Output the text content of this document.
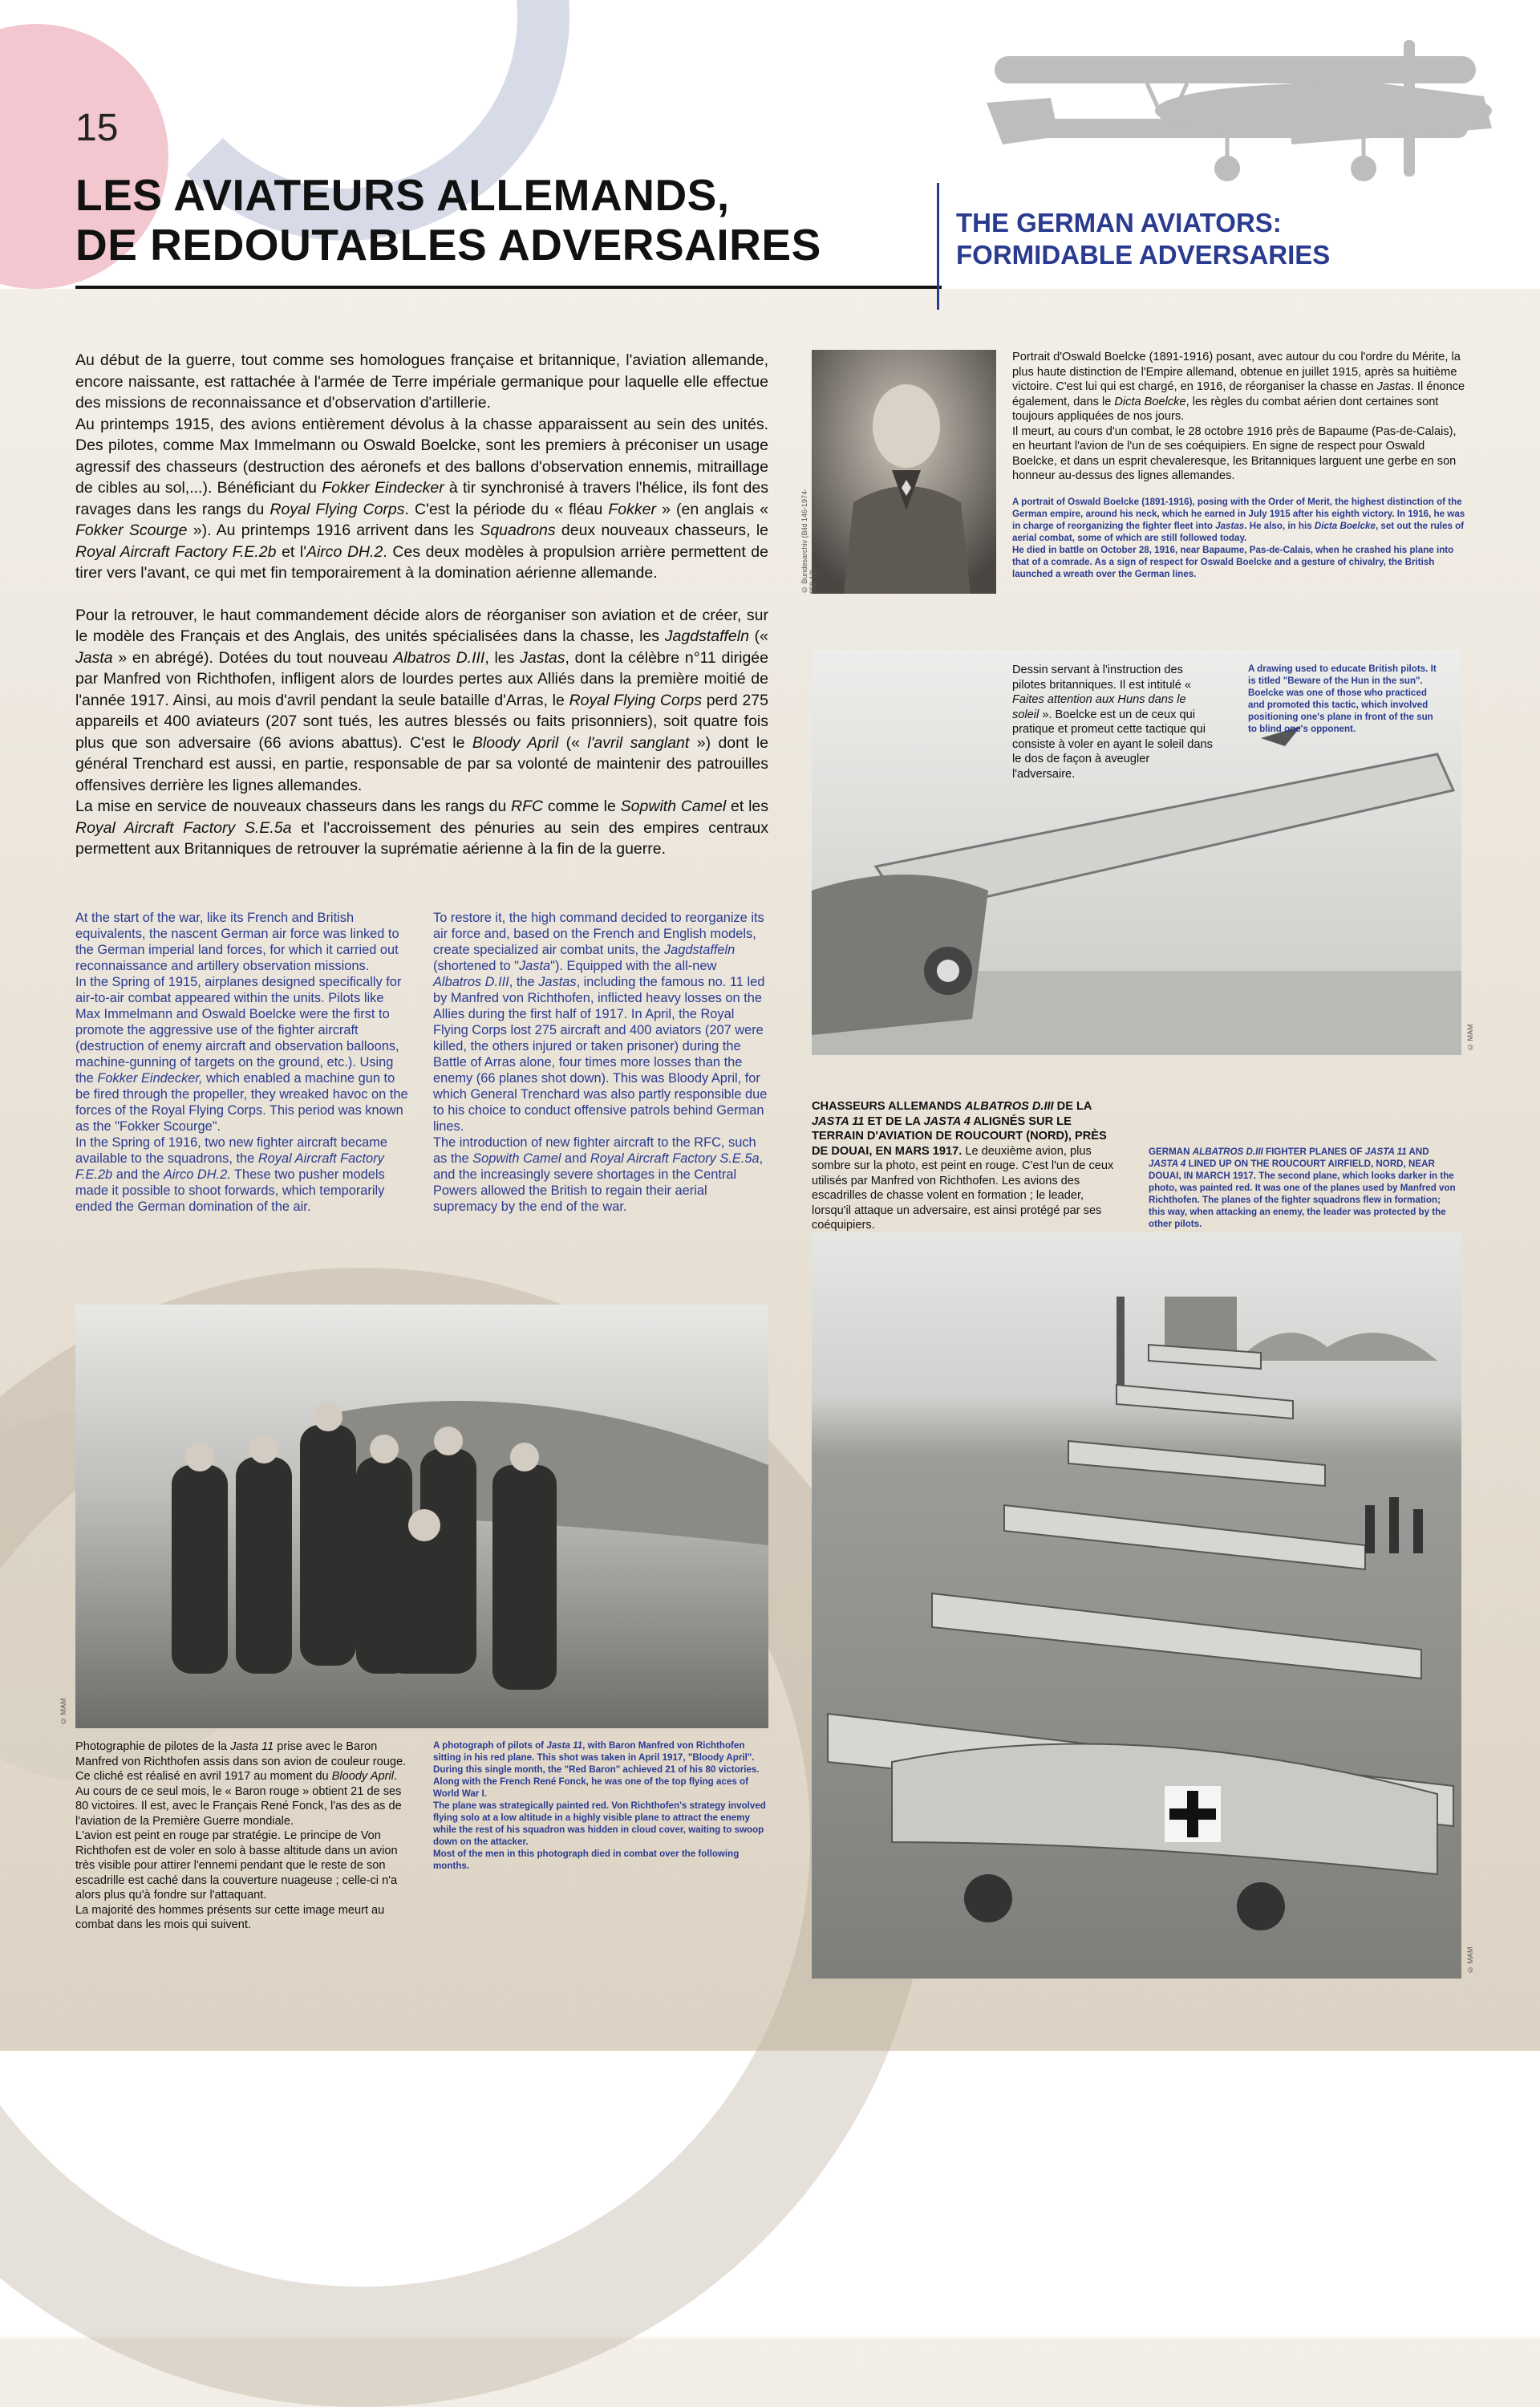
15
LES AVIATEURS ALLEMANDS,
DE REDOUTABLES ADVERSAIRES	THE GERMAN AVIATORS:
FORMIDABLE ADVERSARIES

Au début de la guerre, tout comme ses homologues française et britannique, l'aviation allemande, encore naissante, est rattachée à l'armée de Terre impériale germanique pour laquelle elle effectue des missions de reconnaissance et d'observation d'artillerie.

Au printemps 1915, des avions entièrement dévolus à la chasse apparaissent au sein des unités. Des pilotes, comme Max Immelmann ou Oswald Boelcke, sont les premiers à préconiser un usage agressif des chasseurs (destruction des aéronefs et des ballons d'observation ennemis, mitraillage de cibles au sol,...). Bénéficiant du Fokker Eindecker à tir synchronisé à travers l'hélice, ils font des ravages dans les rangs du Royal Flying Corps. C'est la période du « fléau Fokker » (en anglais « Fokker Scourge »). Au printemps 1916 arrivent dans les Squadrons deux nouveaux chasseurs, le Royal Aircraft Factory F.E.2b et l'Airco DH.2. Ces deux modèles à propulsion arrière permettent de tirer vers l'avant, ce qui met fin temporairement à la domination aérienne allemande.

Pour la retrouver, le haut commandement décide alors de réorganiser son aviation et de créer, sur le modèle des Français et des Anglais, des unités spécialisées dans la chasse, les Jagdstaffeln (« Jasta » en abrégé). Dotées du tout nouveau Albatros D.III, les Jastas, dont la célèbre n°11 dirigée par Manfred von Richthofen, infligent alors de lourdes pertes aux Alliés dans la première moitié de l'année 1917. Ainsi, au mois d'avril pendant la seule bataille d'Arras, le Royal Flying Corps perd 275 appareils et 400 aviateurs (207 sont tués, les autres blessés ou faits prisonniers), soit quatre fois plus que son adversaire (66 avions abattus). C'est le Bloody April (« l'avril sanglant ») dont le général Trenchard est aussi, en partie, responsable de par sa volonté de maintenir des patrouilles offensives derrière les lignes allemandes.

La mise en service de nouveaux chasseurs dans les rangs du RFC comme le Sopwith Camel et les Royal Aircraft Factory S.E.5a et l'accroissement des pénuries au sein des empires centraux permettent aux Britanniques de retrouver la suprématie aérienne à la fin de la guerre.

At the start of the war, like its French and British equivalents, the nascent German air force was linked to the German imperial land forces, for which it carried out reconnaissance and artillery observation missions.

In the Spring of 1915, airplanes designed specifically for air-to-air combat appeared within the units. Pilots like Max Immelmann and Oswald Boelcke were the first to promote the aggressive use of the fighter aircraft (destruction of enemy aircraft and observation balloons, machine-gunning of targets on the ground, etc.). Using the Fokker Eindecker, which enabled a machine gun to be fired through the propeller, they wreaked havoc on the forces of the Royal Flying Corps. This period was known as the "Fokker Scourge".

In the Spring of 1916, two new fighter aircraft became available to the squadrons, the Royal Aircraft Factory F.E.2b and the Airco DH.2. These two pusher models made it possible to shoot forwards, which temporarily ended the German domination of the air.

To restore it, the high command decided to reorganize its air force and, based on the French and English models, create specialized air combat units, the Jagdstaffeln (shortened to "Jasta"). Equipped with the all-new Albatros D.III, the Jastas, including the famous no. 11 led by Manfred von Richthofen, inflicted heavy losses on the Allies during the first half of 1917. In April, the Royal Flying Corps lost 275 aircraft and 400 aviators (207 were killed, the others injured or taken prisoner) during the Battle of Arras alone, four times more losses than the enemy (66 planes shot down). This was Bloody April, for which General Trenchard was also partly responsible due to his choice to conduct offensive patrols behind German lines.

The introduction of new fighter aircraft to the RFC, such as the Sopwith Camel and Royal Aircraft Factory S.E.5a, and the increasingly severe shortages in the Central Powers allowed the British to regain their aerial supremacy by the end of the war.

© Bundesarchiv (Bild 146-1974-050-12)

Portrait d'Oswald Boelcke (1891-1916) posant, avec autour du cou l'ordre du Mérite, la plus haute distinction de l'Empire allemand, obtenue en juillet 1915, après sa huitième victoire. C'est lui qui est chargé, en 1916, de réorganiser la chasse en Jastas. Il énonce également, dans le Dicta Boelcke, les règles du combat aérien dont certaines sont toujours appliquées de nos jours.

Il meurt, au cours d'un combat, le 28 octobre 1916 près de Bapaume (Pas-de-Calais), en heurtant l'avion de l'un de ses coéquipiers. En signe de respect pour Oswald Boelcke, et dans un esprit chevaleresque, les Britanniques larguent une gerbe en son honneur au-dessus des lignes allemandes.

A portrait of Oswald Boelcke (1891-1916), posing with the Order of Merit, the highest distinction of the German empire, around his neck, which he earned in July 1915 after his eighth victory. In 1916, he was in charge of reorganizing the fighter fleet into Jastas. He also, in his Dicta Boelcke, set out the rules of aerial combat, some of which are still followed today.

He died in battle on October 28, 1916, near Bapaume, Pas-de-Calais, when he crashed his plane into that of a comrade. As a sign of respect for Oswald Boelcke and a gesture of chivalry, the British launched a wreath over the German lines.

Dessin servant à l'instruction des pilotes britanniques. Il est intitulé « Faites attention aux Huns dans le soleil ». Boelcke est un de ceux qui pratique et promeut cette tactique qui consiste à voler en ayant le soleil dans le dos de façon à aveugler l'adversaire.

A drawing used to educate British pilots. It is titled "Beware of the Hun in the sun". Boelcke was one of those who practiced and promoted this tactic, which involved positioning one's plane in front of the sun to blind one's opponent.
© MAM

CHASSEURS ALLEMANDS ALBATROS D.III DE LA JASTA 11 ET DE LA JASTA 4 ALIGNÉS SUR LE TERRAIN D'AVIATION DE ROUCOURT (NORD), PRÈS DE DOUAI, EN MARS 1917. Le deuxième avion, plus sombre sur la photo, est peint en rouge. C'est l'un de ceux utilisés par Manfred von Richthofen. Les avions des escadrilles de chasse volent en formation ; le leader, lorsqu'il attaque un adversaire, est ainsi protégé par ses coéquipiers.

GERMAN ALBATROS D.III FIGHTER PLANES OF JASTA 11 AND JASTA 4 LINED UP ON THE ROUCOURT AIRFIELD, NORD, NEAR DOUAI, IN MARCH 1917. The second plane, which looks darker in the photo, was painted red. It was one of the planes used by Manfred von Richthofen. The planes of the fighter squadrons flew in formation; this way, when attacking an enemy, the leader was protected by the other pilots.

© MAM
© MAM

Photographie de pilotes de la Jasta 11 prise avec le Baron Manfred von Richthofen assis dans son avion de couleur rouge. Ce cliché est réalisé en avril 1917 au moment du Bloody April. Au cours de ce seul mois, le « Baron rouge » obtient 21 de ses 80 victoires. Il est, avec le Français René Fonck, l'as des as de l'aviation de la Première Guerre mondiale.

L'avion est peint en rouge par stratégie. Le principe de Von Richthofen est de voler en solo à basse altitude dans un avion très visible pour attirer l'ennemi pendant que le reste de son escadrille est caché dans la couverture nuageuse ; celle-ci n'a alors plus qu'à fondre sur l'attaquant.

La majorité des hommes présents sur cette image meurt au combat dans les mois qui suivent.

A photograph of pilots of Jasta 11, with Baron Manfred von Richthofen sitting in his red plane. This shot was taken in April 1917, "Bloody April". During this single month, the "Red Baron" achieved 21 of his 80 victories. Along with the French René Fonck, he was one of the top flying aces of World War I.

The plane was strategically painted red. Von Richthofen's strategy involved flying solo at a low altitude in a highly visible plane to attract the enemy while the rest of his squadron was hidden in cloud cover, waiting to swoop down on the attacker.

Most of the men in this photograph died in combat over the following months.
